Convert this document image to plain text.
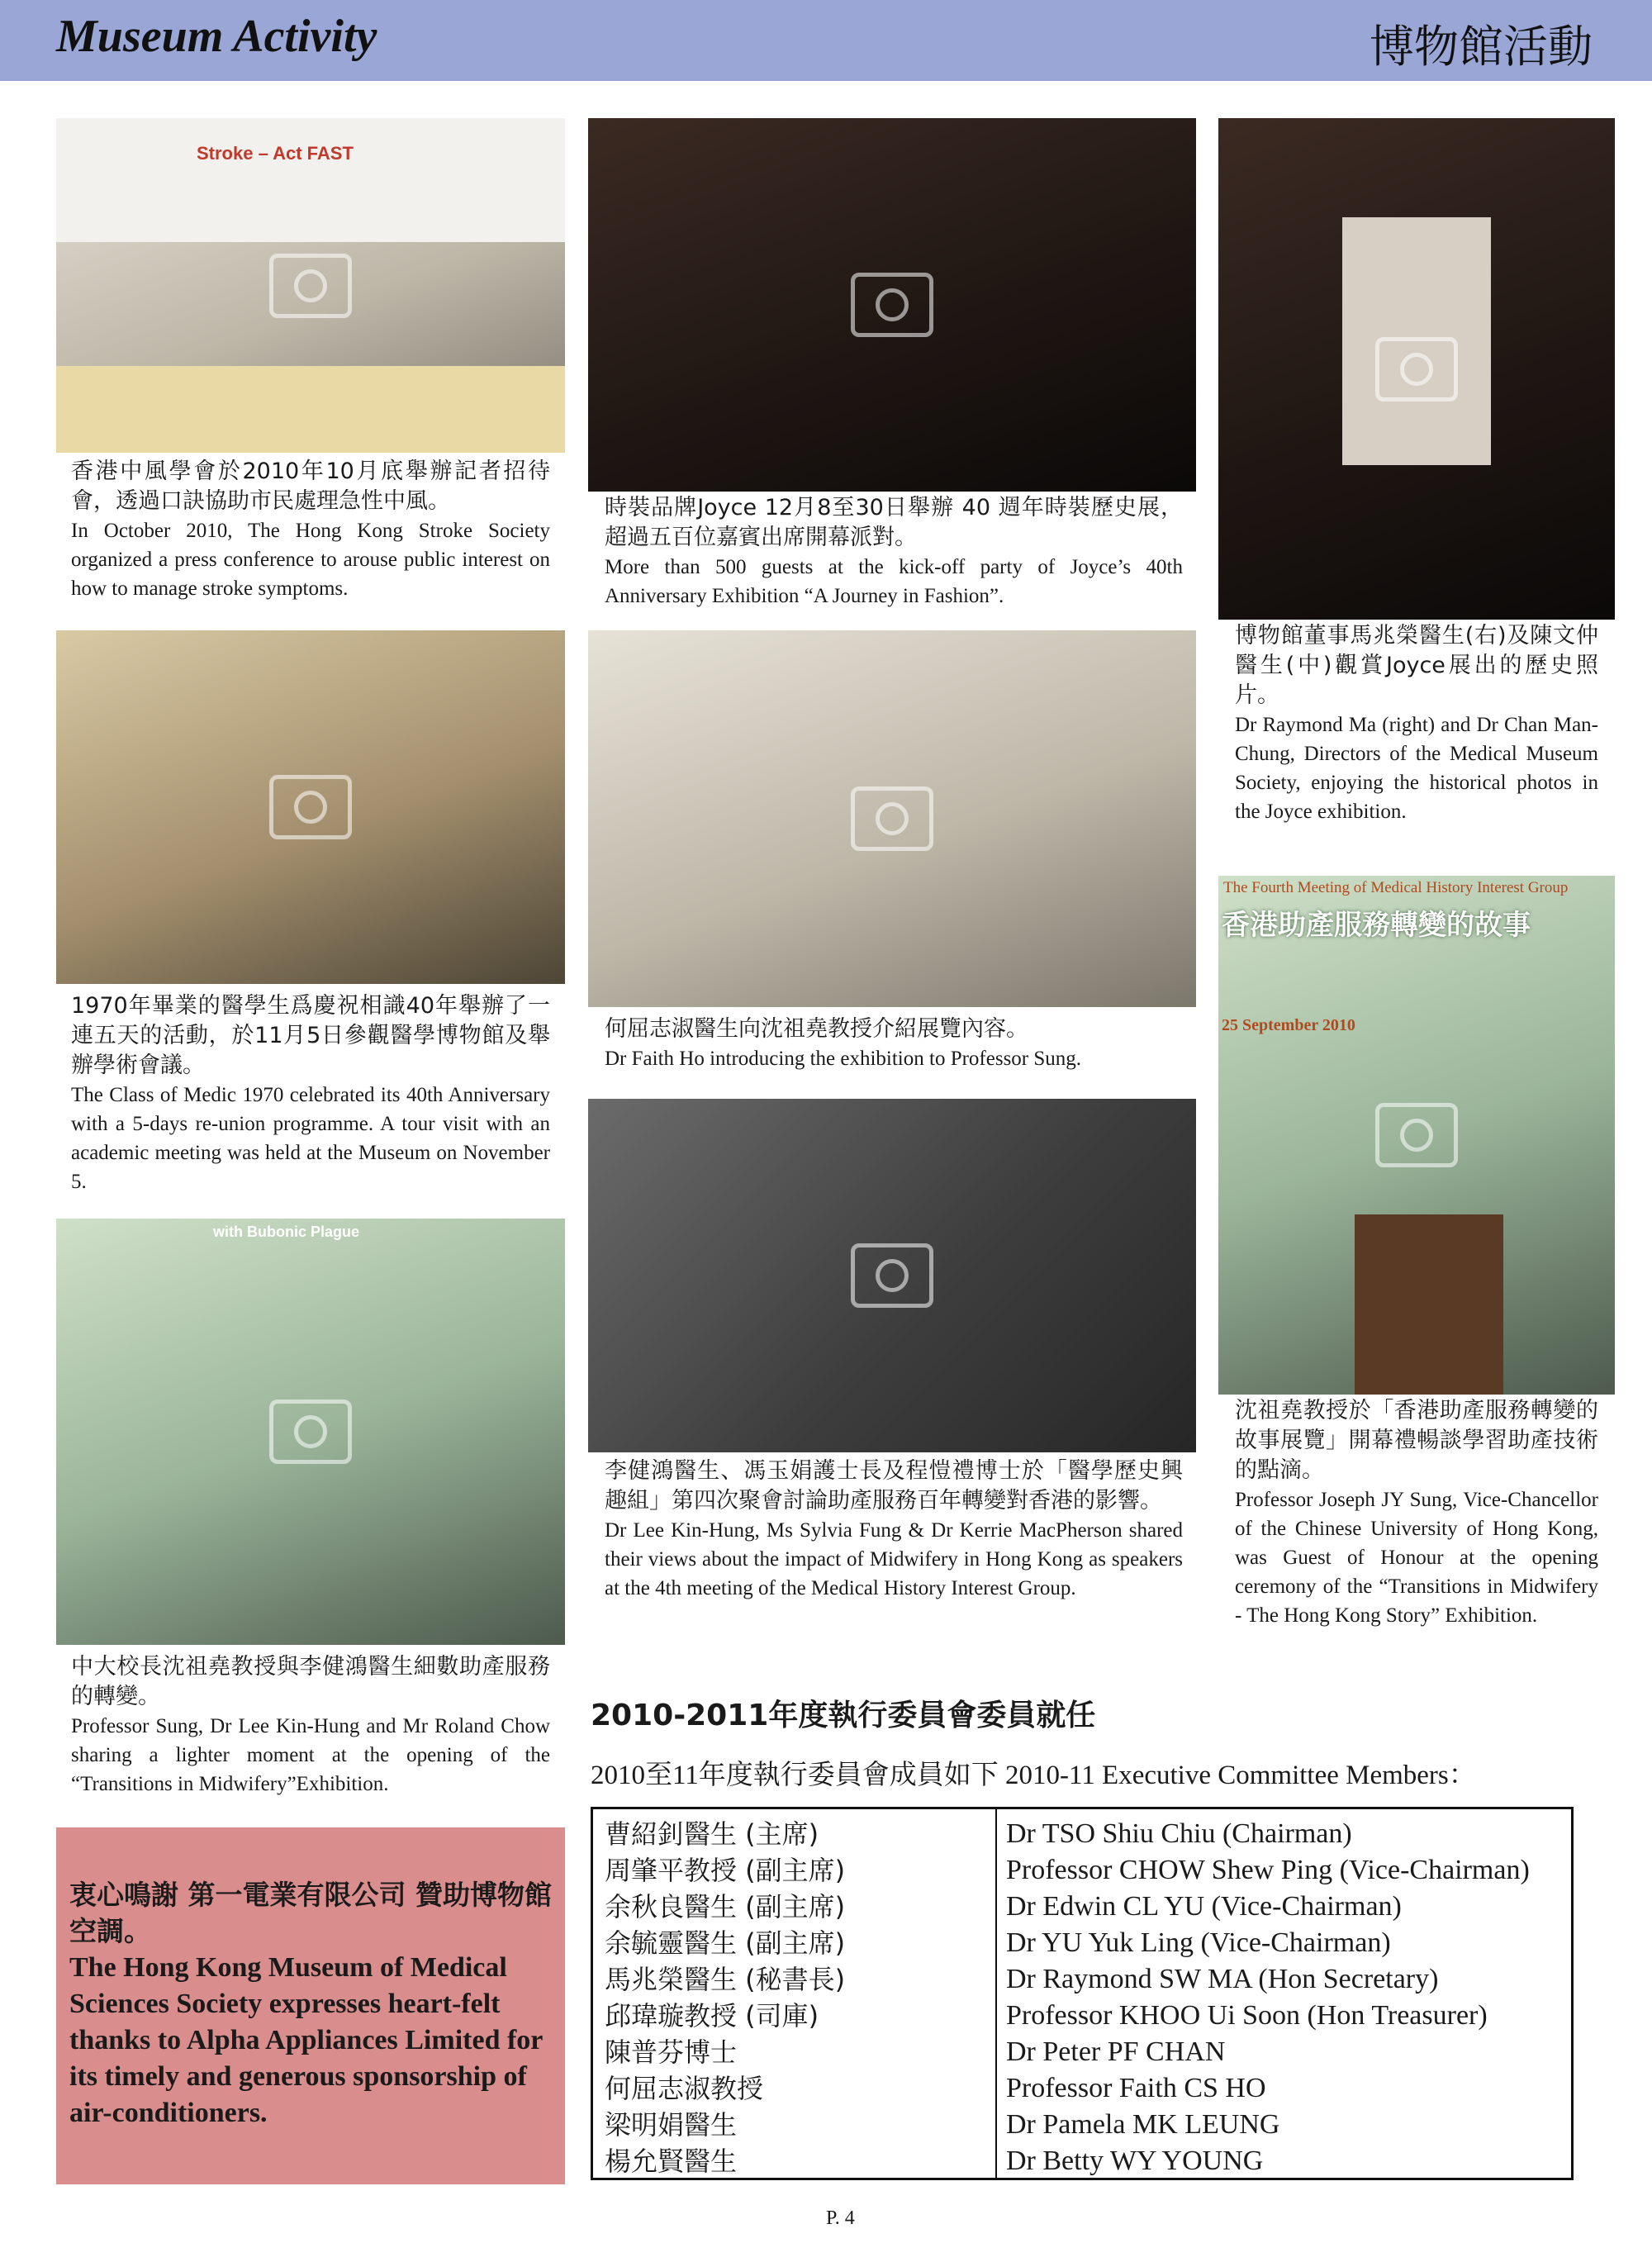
Museum Activity	博物館活動
Stroke – Act FAST
香港中風學會於2010年10月底舉辦記者招待會，透過口訣協助市民處理急性中風。
In October 2010, The Hong Kong Stroke Society organized a press conference to arouse public interest on how to manage stroke symptoms.
1970年畢業的醫學生爲慶祝相識40年舉辦了一連五天的活動，於11月5日參觀醫學博物館及舉辦學術會議。
The Class of Medic 1970 celebrated its 40th Anniversary with a 5-days re-union programme. A tour visit with an academic meeting was held at the Museum on November 5.
with Bubonic Plague
中大校長沈祖堯教授與李健鴻醫生細數助產服務的轉變。
Professor Sung, Dr Lee Kin-Hung and Mr Roland Chow sharing a lighter moment at the opening of the “Transitions in Midwifery”Exhibition.
衷心鳴謝 第一電業有限公司 贊助博物館空調。
The Hong Kong Museum of Medical Sciences Society expresses heart-felt thanks to Alpha Appliances Limited for its timely and generous sponsorship of air-conditioners.
時裝品牌Joyce 12月8至30日舉辦 40 週年時裝歷史展，超過五百位嘉賓出席開幕派對。
More than 500 guests at the kick-off party of Joyce’s 40th Anniversary Exhibition “A Journey in Fashion”.
何屈志淑醫生向沈祖堯教授介紹展覽內容。
Dr Faith Ho introducing the exhibition to Professor Sung.
李健鴻醫生、馮玉娟護士長及程愷禮博士於「醫學歷史興趣組」第四次聚會討論助產服務百年轉變對香港的影響。
Dr Lee Kin-Hung, Ms Sylvia Fung & Dr Kerrie MacPherson shared their views about the impact of Midwifery in Hong Kong as speakers at the 4th meeting of the Medical History Interest Group.
博物館董事馬兆榮醫生(右)及陳文仲醫生(中)觀賞Joyce展出的歷史照片。
Dr Raymond Ma (right) and Dr Chan Man-Chung, Directors of the Medical Museum Society, enjoying the historical photos in the Joyce exhibition.
The Fourth Meeting of Medical History Interest Group
香港助產服務轉變的故事
25 September 2010
沈祖堯教授於「香港助產服務轉變的故事展覽」開幕禮暢談學習助產技術的點滴。
Professor Joseph JY Sung, Vice-Chancellor of the Chinese University of Hong Kong, was Guest of Honour at the opening ceremony of the “Transitions in Midwifery - The Hong Kong Story” Exhibition.
2010-2011年度執行委員會委員就任
2010至11年度執行委員會成員如下 2010-11 Executive Committee Members：
曹紹釗醫生 (主席)
周肇平教授 (副主席)
余秋良醫生 (副主席)
余毓靈醫生 (副主席)
馬兆榮醫生 (秘書長)
邱瑋璇教授 (司庫)
陳普芬博士
何屈志淑教授
梁明娟醫生
楊允賢醫生
Dr TSO Shiu Chiu (Chairman)
Professor CHOW Shew Ping (Vice-Chairman)
Dr Edwin CL YU (Vice-Chairman)
Dr YU Yuk Ling (Vice-Chairman)
Dr Raymond SW MA (Hon Secretary)
Professor KHOO Ui Soon (Hon Treasurer)
Dr Peter PF CHAN
Professor Faith CS HO
Dr Pamela MK LEUNG
Dr Betty WY YOUNG
P. 4
